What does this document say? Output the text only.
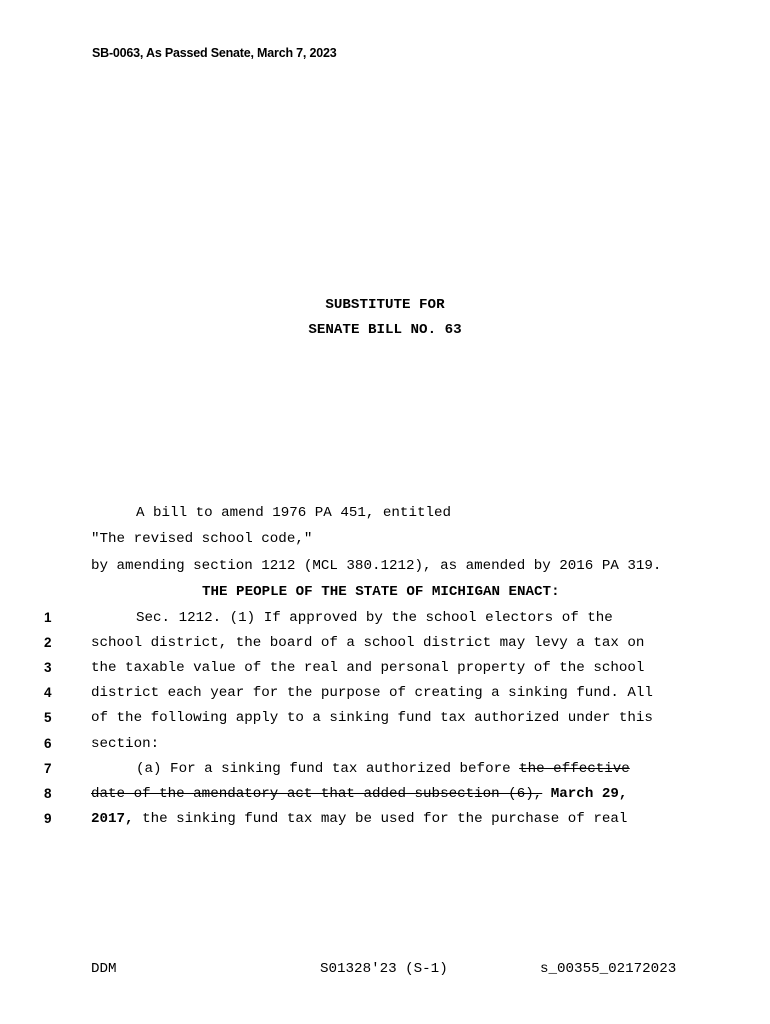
SB-0063, As Passed Senate, March 7, 2023
SUBSTITUTE FOR
SENATE BILL NO. 63
A bill to amend 1976 PA 451, entitled
"The revised school code,"
by amending section 1212 (MCL 380.1212), as amended by 2016 PA 319.
THE PEOPLE OF THE STATE OF MICHIGAN ENACT:
1
2
3
4
5
6
7
8
9
Sec. 1212. (1) If approved by the school electors of the
school district, the board of a school district may levy a tax on
the taxable value of the real and personal property of the school
district each year for the purpose of creating a sinking fund. All
of the following apply to a sinking fund tax authorized under this
section:
(a) For a sinking fund tax authorized before the effective
date of the amendatory act that added subsection (6), March 29,
2017, the sinking fund tax may be used for the purchase of real
DDM	S01328'23 (S-1)	s_00355_02172023
